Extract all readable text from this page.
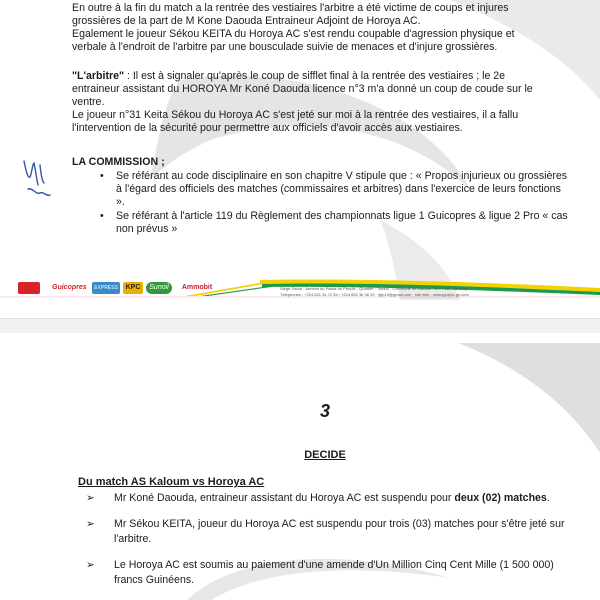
En outre à la fin du match a la rentrée des vestiaires l'arbitre a été victime de coups et injures
grossières de la part de M Kone Daouda Entraineur Adjoint de Horoya AC.
Egalement le joueur Sékou KEITA du Horoya AC s'est rendu coupable d'agression physique et
verbale à l'endroit de l'arbitre par une bousculade suivie de menaces et d'injure grossières.

"L'arbitre" : Il est à signaler qu'après le coup de sifflet final à la rentrée des vestiaires ; le 2e
entraineur assistant du HOROYA Mr Koné Daouda licence n°3 m'a donné un coup de coude sur le
ventre.
Le joueur n°31 Keita Sékou du Horoya AC s'est jeté sur moi à la rentrée des vestiaires, il a fallu
l'intervention de la sécurité pour permettre aux officiels d'avoir accès aux vestiaires.

LA COMMISSION ;

• Se référant au code disciplinaire en son chapitre V stipule que : « Propos injurieux ou grossières à l'égard des officiels des matches (commissaires et arbitres) dans l'exercice de leurs fonctions ».
• Se référant à l'article 119 du Règlement des championnats ligue 1 Guicopres & ligue 2 Pro « cas non prévus »
Guicopres	EXPRESS	KPC	Sunoil	Ammobit	Siège Social : Annexe du Palais du Peuple - Quartier : Tombo - Commune de Kaloum - B.P : 997 Conakry
Téléphones : +224 621 34 72 54 / +224 662 36 36 29 · lgfp15@gmail.com · site web : www.lguipro-gn.com
3
DECIDE
Du match AS Kaloum vs Horoya AC
➢ Mr Koné Daouda, entraineur assistant du Horoya AC est suspendu pour deux (02) matches.
➢ Mr Sékou KEITA, joueur du Horoya AC est suspendu pour trois (03) matches pour s'être jeté sur l'arbitre.
➢ Le Horoya AC est soumis au paiement d'une amende d'Un Million Cinq Cent Mille (1 500 000) francs Guinéens.
